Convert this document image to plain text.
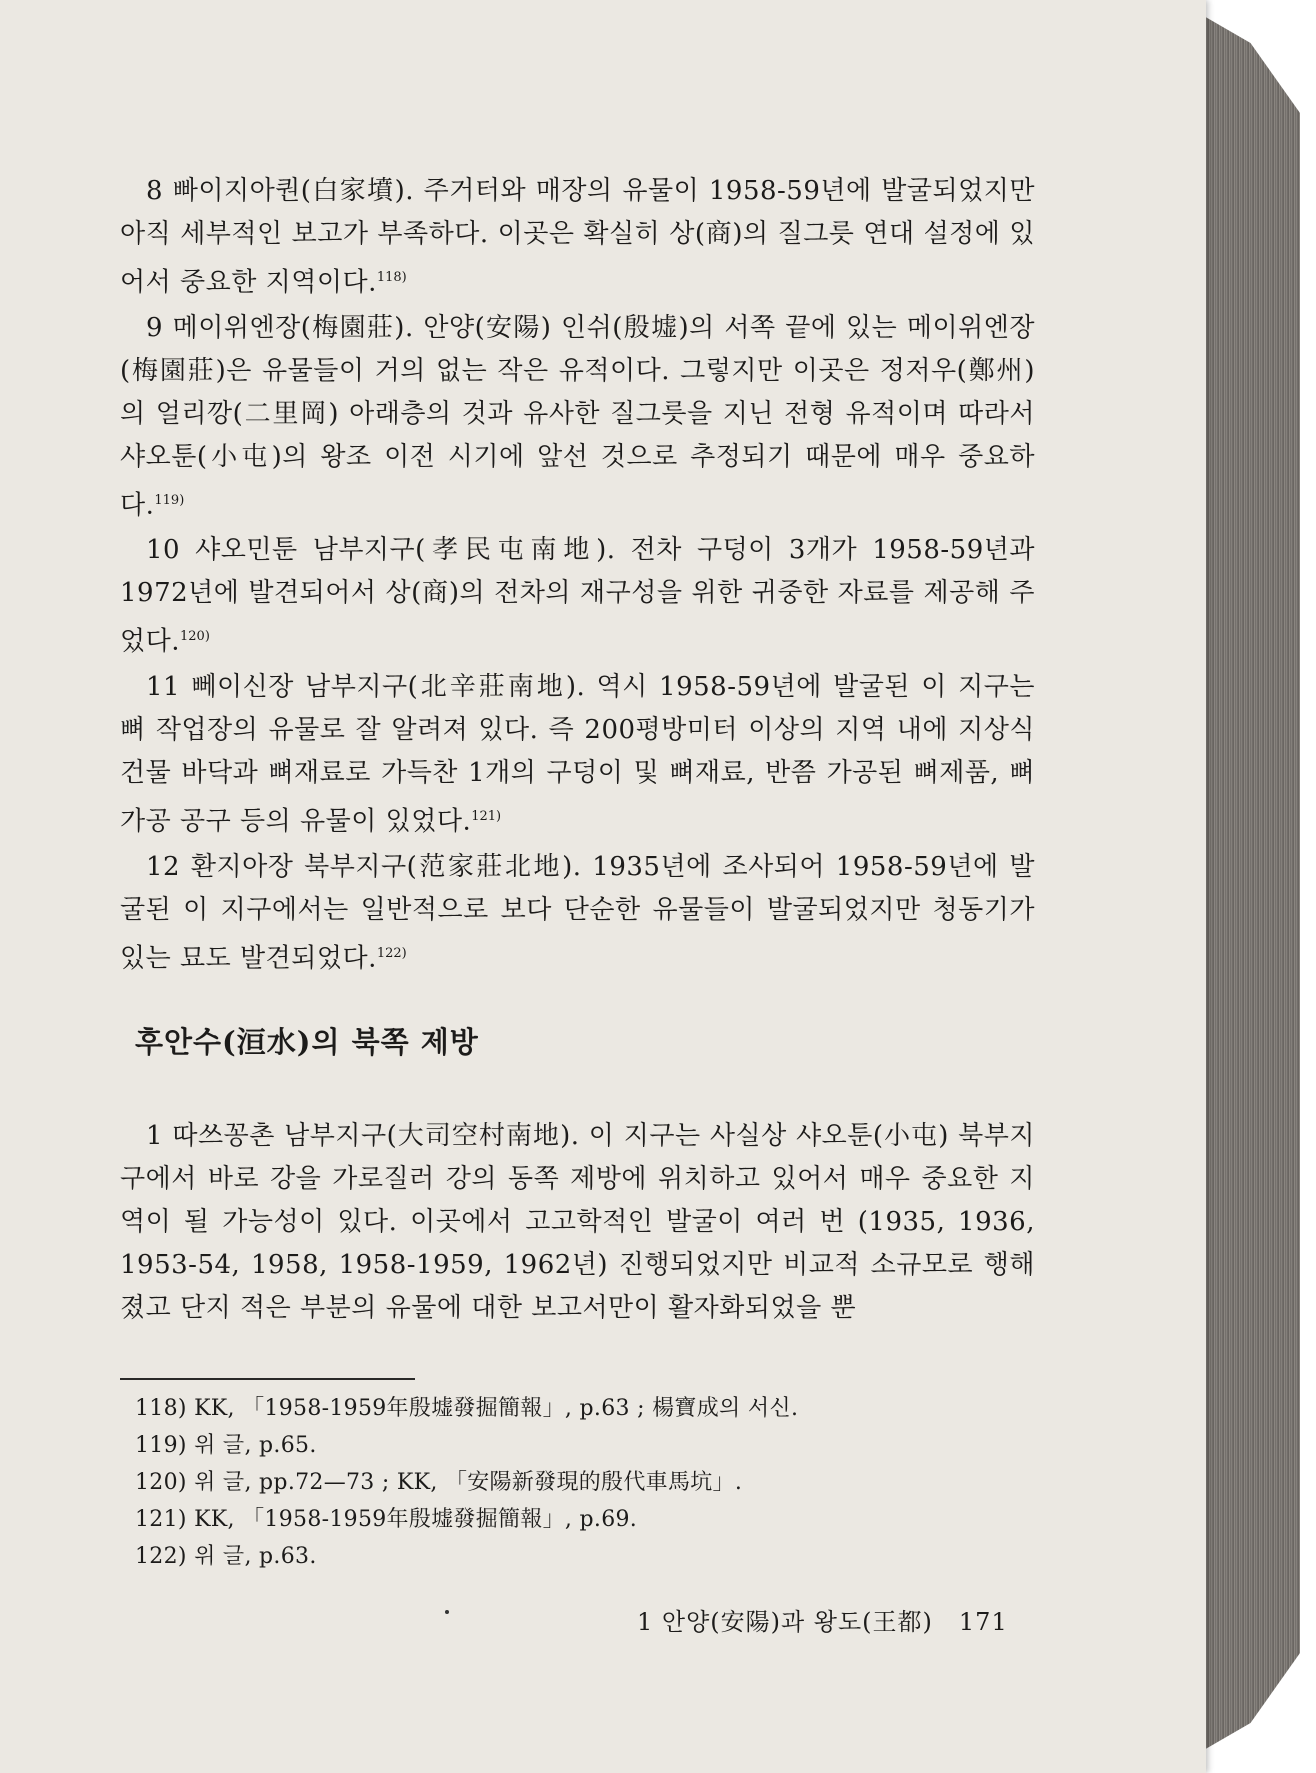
8 빠이지아퀀(白家墳). 주거터와 매장의 유물이 1958-59년에 발굴되었지만 아직 세부적인 보고가 부족하다. 이곳은 확실히 상(商)의 질그릇 연대 설정에 있어서 중요한 지역이다.$^{118)}$

9 메이위엔장(梅園莊). 안양(安陽) 인쉬(殷墟)의 서쪽 끝에 있는 메이위엔장(梅園莊)은 유물들이 거의 없는 작은 유적이다. 그렇지만 이곳은 정저우(鄭州)의 얼리깡(二里岡) 아래층의 것과 유사한 질그릇을 지닌 전형 유적이며 따라서 샤오툰(小屯)의 왕조 이전 시기에 앞선 것으로 추정되기 때문에 매우 중요하다.$^{119)}$

10 샤오민툰 남부지구(孝民屯南地). 전차 구덩이 3개가 1958-59년과 1972년에 발견되어서 상(商)의 전차의 재구성을 위한 귀중한 자료를 제공해 주었다.$^{120)}$

11 뻬이신장 남부지구(北辛莊南地). 역시 1958-59년에 발굴된 이 지구는 뼈 작업장의 유물로 잘 알려져 있다. 즉 200평방미터 이상의 지역 내에 지상식건물 바닥과 뼈재료로 가득찬 1개의 구덩이 및 뼈재료, 반쯤 가공된 뼈제품, 뼈가공 공구 등의 유물이 있었다.$^{121)}$

12 환지아장 북부지구(范家莊北地). 1935년에 조사되어 1958-59년에 발굴된 이 지구에서는 일반적으로 보다 단순한 유물들이 발굴되었지만 청동기가 있는 묘도 발견되었다.$^{122)}$

후안수(洹水)의 북쪽 제방

1 따쓰꽁촌 남부지구(大司空村南地). 이 지구는 사실상 샤오툰(小屯) 북부지구에서 바로 강을 가로질러 강의 동쪽 제방에 위치하고 있어서 매우 중요한 지역이 될 가능성이 있다. 이곳에서 고고학적인 발굴이 여러 번 (1935, 1936, 1953-54, 1958, 1958-1959, 1962년) 진행되었지만 비교적 소규모로 행해졌고 단지 적은 부분의 유물에 대한 보고서만이 활자화되었을 뿐

118) KK, 「1958-1959年殷墟發掘簡報」, p.63 ; 楊寶成의 서신.

119) 위 글, p.65.

120) 위 글, pp.72—73 ; KK, 「安陽新發現的殷代車馬坑」.

121) KK, 「1958-1959年殷墟發掘簡報」, p.69.

122) 위 글, p.63.

1 안양(安陽)과 왕도(王都) 171
